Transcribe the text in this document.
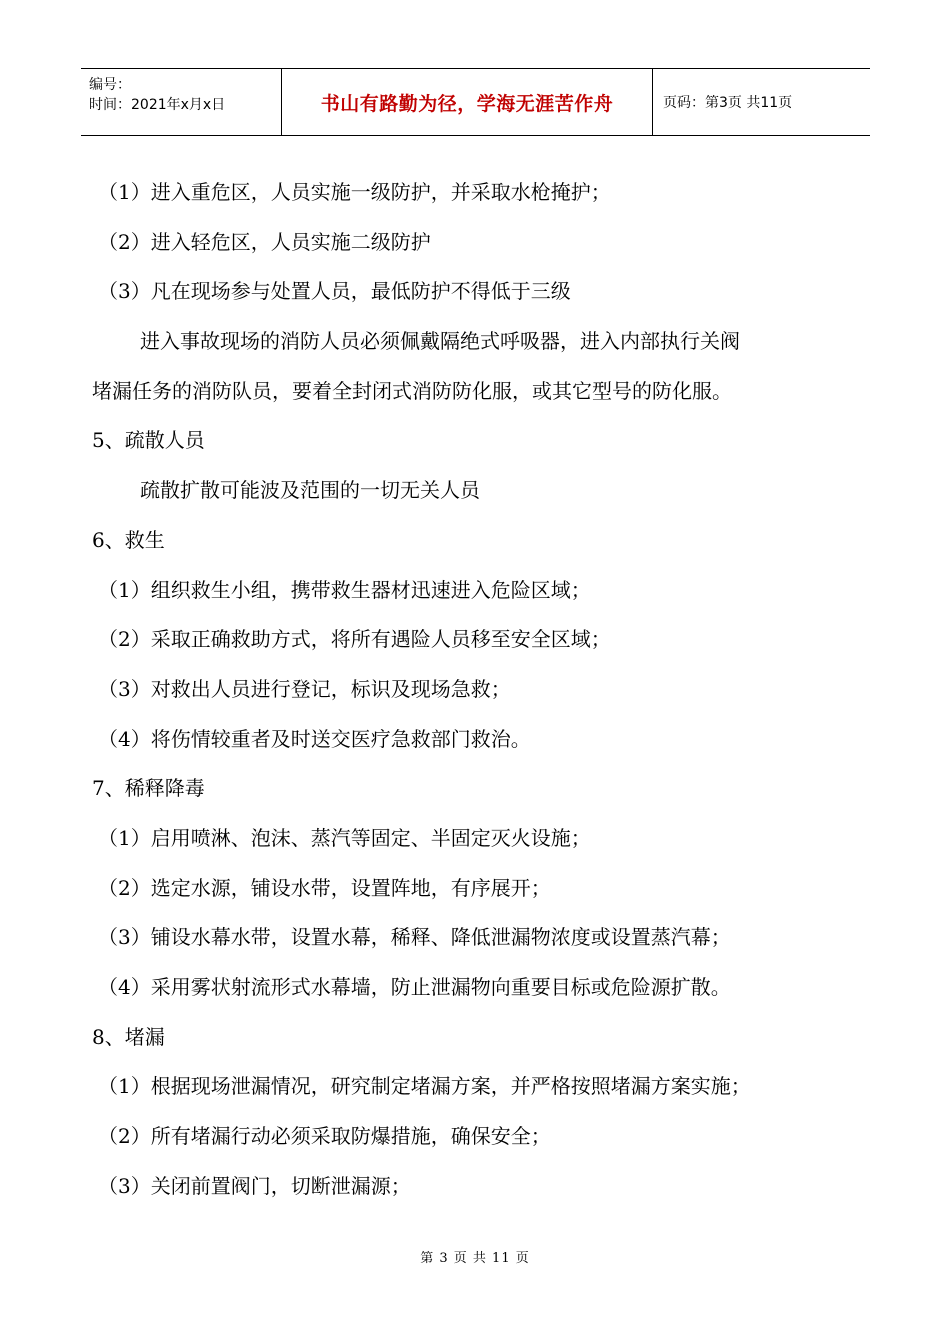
编号：
时间：2021年x月x日	书山有路勤为径，学海无涯苦作舟	页码：第3页 共11页
（1）进入重危区，人员实施一级防护，并采取水枪掩护；
（2）进入轻危区，人员实施二级防护
（3）凡在现场参与处置人员，最低防护不得低于三级
进入事故现场的消防人员必须佩戴隔绝式呼吸器，进入内部执行关阀
堵漏任务的消防队员，要着全封闭式消防防化服，或其它型号的防化服。
5、疏散人员
疏散扩散可能波及范围的一切无关人员
6、救生
（1）组织救生小组，携带救生器材迅速进入危险区域；
（2）采取正确救助方式，将所有遇险人员移至安全区域；
（3）对救出人员进行登记，标识及现场急救；
（4）将伤情较重者及时送交医疗急救部门救治。
7、稀释降毒
（1）启用喷淋、泡沫、蒸汽等固定、半固定灭火设施；
（2）选定水源，铺设水带，设置阵地，有序展开；
（3）铺设水幕水带，设置水幕，稀释、降低泄漏物浓度或设置蒸汽幕；
（4）采用雾状射流形式水幕墙，防止泄漏物向重要目标或危险源扩散。
8、堵漏
（1）根据现场泄漏情况，研究制定堵漏方案，并严格按照堵漏方案实施；
（2）所有堵漏行动必须采取防爆措施，确保安全；
（3）关闭前置阀门，切断泄漏源；
第 3 页 共 11 页
